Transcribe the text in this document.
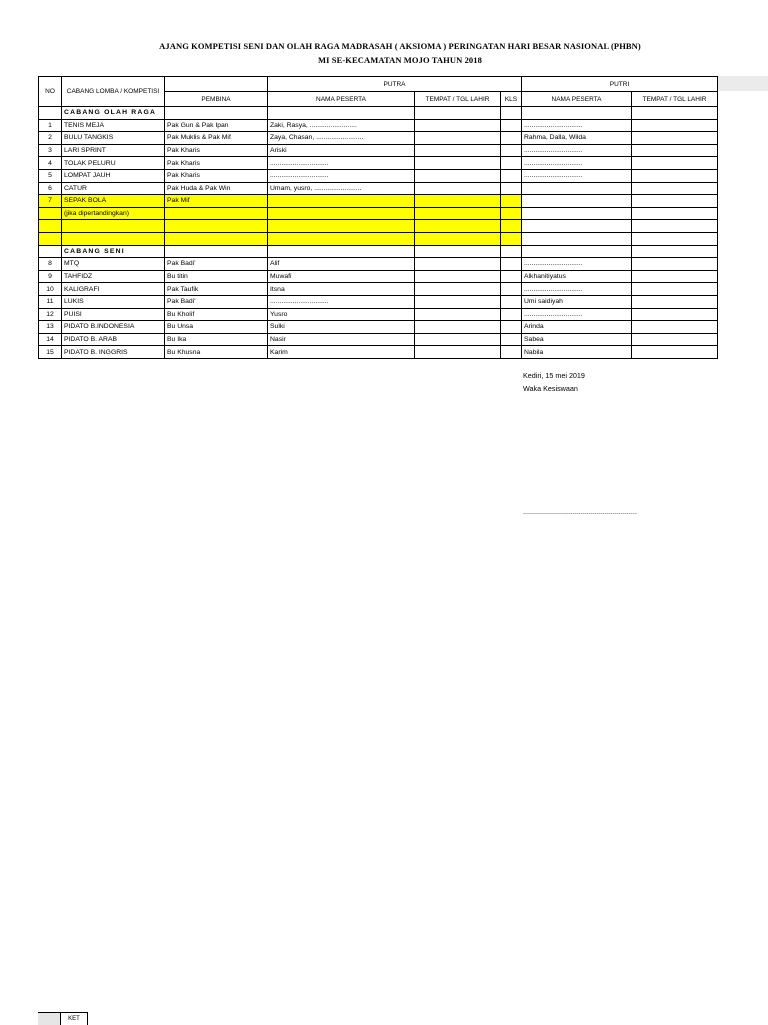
AJANG KOMPETISI SENI DAN OLAH RAGA MADRASAH ( AKSIOMA ) PERINGATAN HARI BESAR NASIONAL (PHBN)
MI SE-KECAMATAN MOJO TAHUN 2018
NO	CABANG LOMBA / KOMPETISI		PUTRA			PUTRI	
		PEMBINA	NAMA PESERTA	TEMPAT / TGL LAHIR	KLS	NAMA PESERTA	TEMPAT / TGL LAHIR
	CABANG OLAH RAGA						
1	TENIS MEJA	Pak Gun & Pak Ipan	Zaki, Rasya, .........................			...............................	
2	BULU TANGKIS	Pak Muklis & Pak Mif	Zaya, Chasan, .........................			Rahma, Dalla, Wilda	
3	LARI SPRINT	Pak Kharis	Ariski			...............................	
4	TOLAK PELURU	Pak Kharis	...............................			...............................	
5	LOMPAT JAUH	Pak Kharis	...............................			...............................	
6	CATUR	Pak Huda & Pak Win	Umam, yusro, .........................				
7	SEPAK BOLA	Pak Mif					
	(jika dipertandingkan)						

	CABANG SENI						
8	MTQ	Pak Badi'	Alif			...............................	
9	TAHFIDZ	Bu titin	Muwafi			Alkhanitiyatus	
10	KALIGRAFI	Pak Taufik	Itsna			...............................	
11	LUKIS	Pak Badi'	...............................			Umi saidiyah	
12	PUISI	Bu Kholif	Yusro			...............................	
13	PIDATO B.INDONESIA	Bu Unsa	Sulki			Arinda	
14	PIDATO B. ARAB	Bu Ika	Nasir			Sabea	
15	PIDATO B. INGGRIS	Bu Khusna	Karim			Nabila	
Kediri, 15 mei 2019
Waka Kesiswaan
.........................................................
KET
